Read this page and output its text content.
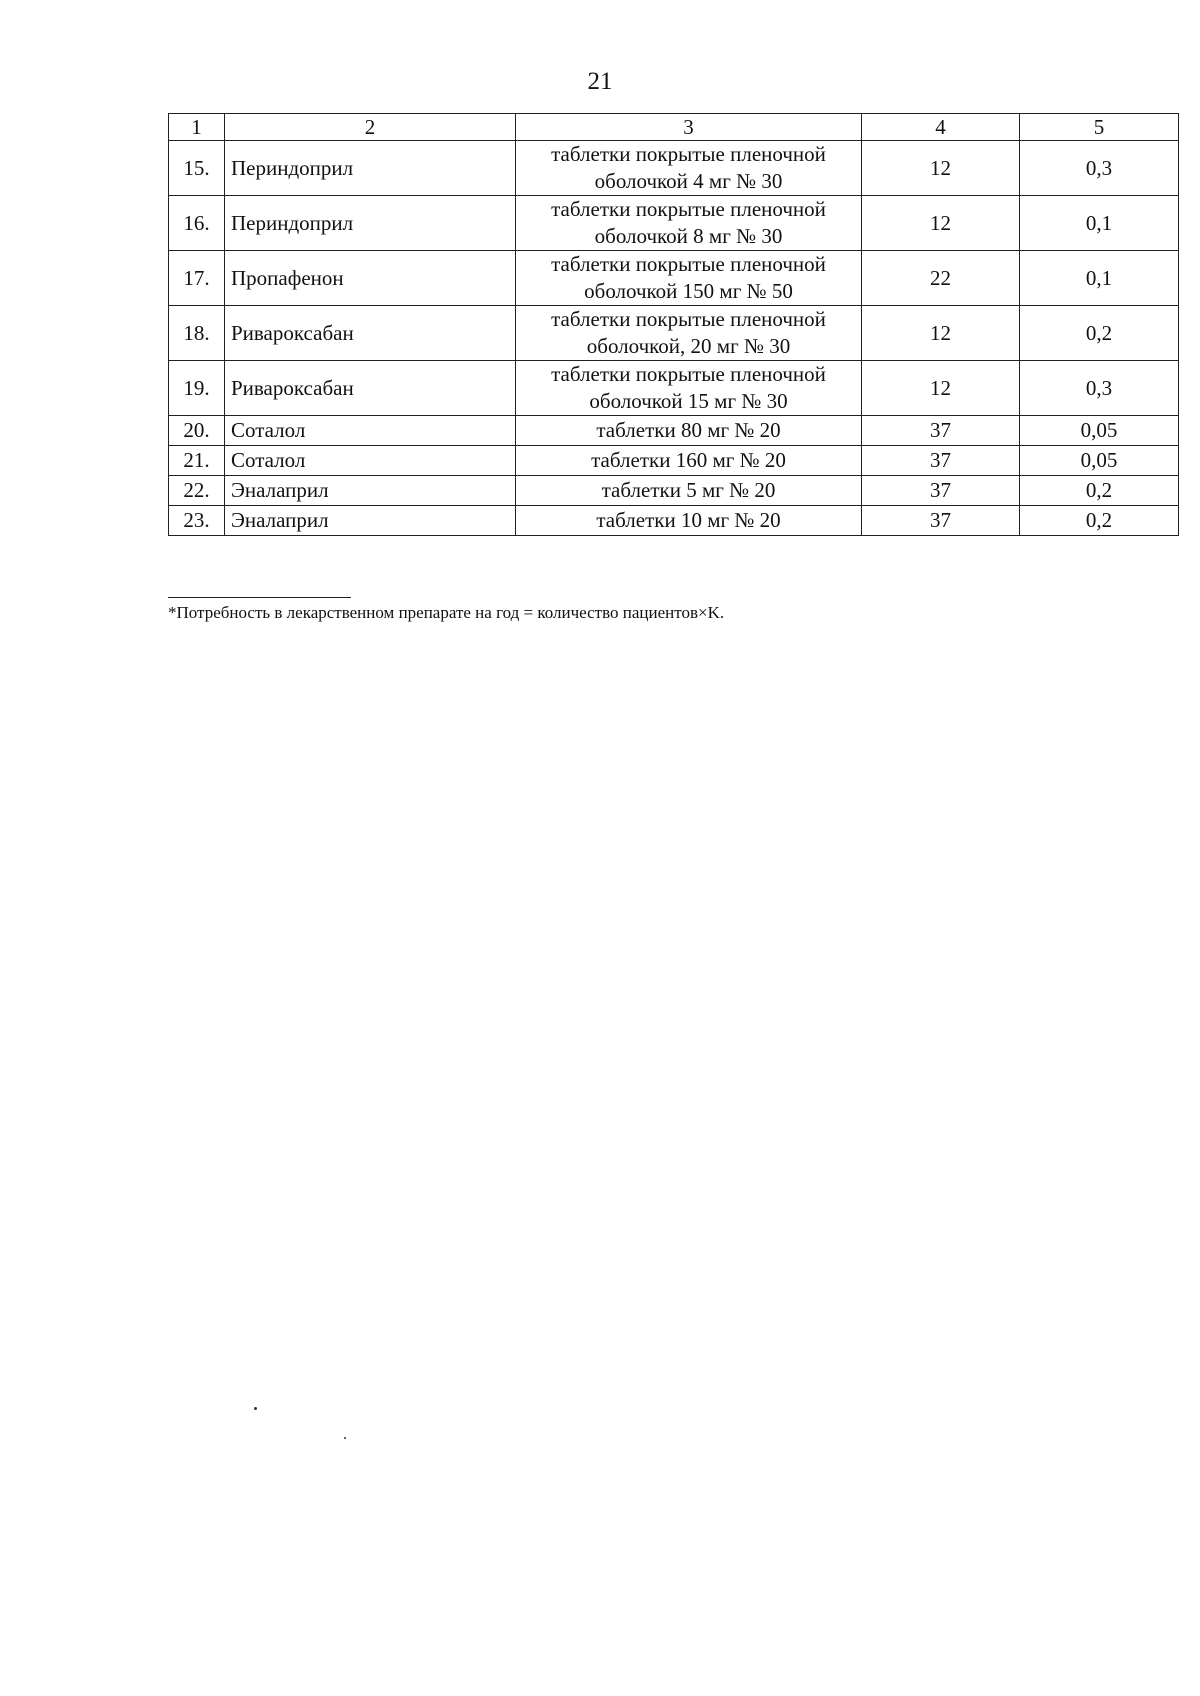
21
1	2	3	4	5
15.	Периндоприл	таблетки покрытые пленочной
оболочкой 4 мг № 30	12	0,3
16.	Периндоприл	таблетки покрытые пленочной
оболочкой 8 мг № 30	12	0,1
17.	Пропафенон	таблетки покрытые пленочной
оболочкой 150 мг № 50	22	0,1
18.	Ривароксабан	таблетки покрытые пленочной
оболочкой, 20 мг № 30	12	0,2
19.	Ривароксабан	таблетки покрытые пленочной
оболочкой 15 мг № 30	12	0,3
20.	Соталол	таблетки 80 мг № 20	37	0,05
21.	Соталол	таблетки 160 мг № 20	37	0,05
22.	Эналаприл	таблетки 5 мг № 20	37	0,2
23.	Эналаприл	таблетки 10 мг № 20	37	0,2
*Потребность в лекарственном препарате на год = количество пациентов×K.
